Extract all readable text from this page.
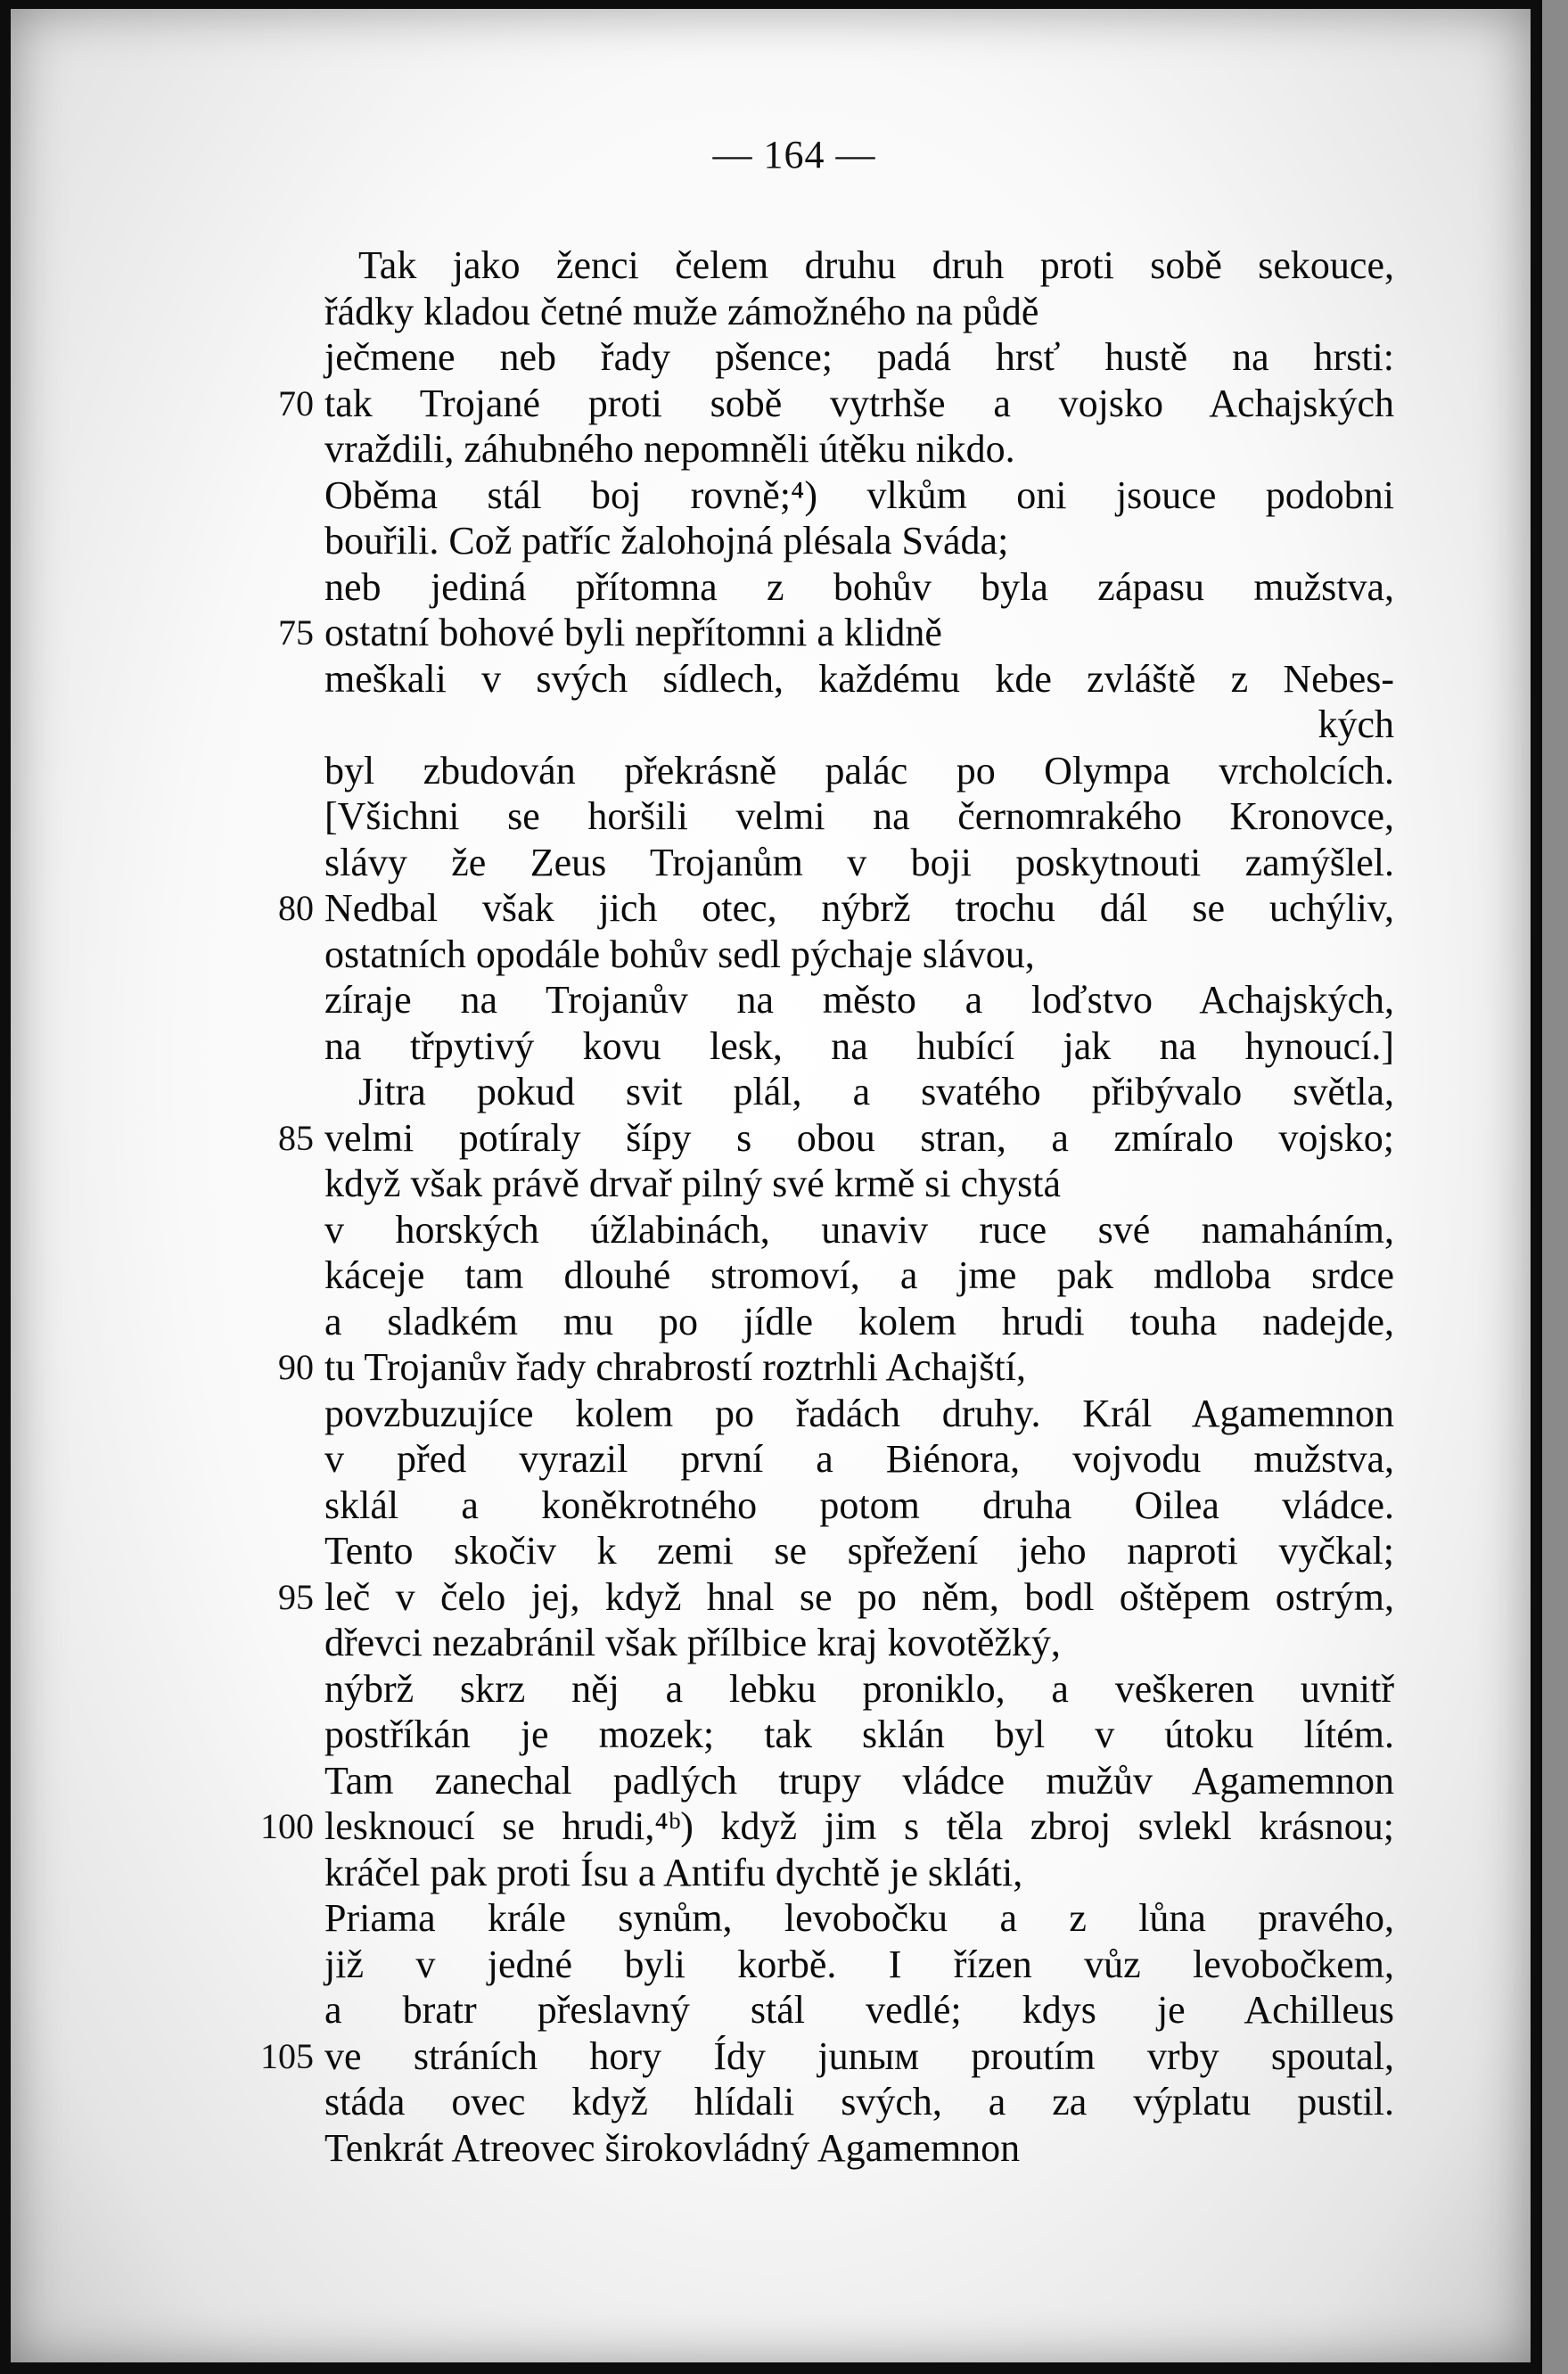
— 164 —
Tak jako ženci čelem druhu druh proti sobě sekouce,
řádky kladou četné muže zámožného na půdě
ječmene neb řady pšence; padá hrsť hustě na hrsti:
70 tak Trojané proti sobě vytrhše a vojsko Achajských
vraždili, záhubného nepomněli útěku nikdo.
Oběma stál boj rovně;⁴) vlkům oni jsouce podobni
bouřili. Což patříc žalohojná plésala Sváda;
neb jediná přítomna z bohův byla zápasu mužstva,
75 ostatní bohové byli nepřítomni a klidně
meškali v svých sídlech, každému kde zvláště z Nebes-
kých
byl zbudován překrásně palác po Olympa vrcholcích.
[Všichni se horšili velmi na černomrakého Kronovce,
slávy že Zeus Trojanům v boji poskytnouti zamýšlel.
80 Nedbal však jich otec, nýbrž trochu dál se uchýliv,
ostatních opodále bohův sedl pýchaje slávou,
zíraje na Trojanův na město a loďstvo Achajských,
na třpytivý kovu lesk, na hubící jak na hynoucí.]
Jitra pokud svit plál, a svatého přibývalo světla,
85 velmi potíraly šípy s obou stran, a zmíralo vojsko;
když však právě drvař pilný své krmě si chystá
v horských úžlabinách, unaviv ruce své namaháním,
káceje tam dlouhé stromoví, a jme pak mdloba srdce
a sladkém mu po jídle kolem hrudi touha nadejde,
90 tu Trojanův řady chrabrostí roztrhli Achajští,
povzbuzujíce kolem po řadách druhy. Král Agamemnon
v před vyrazil první a Biénora, vojvodu mužstva,
sklál a koněkrotného potom druha Oilea vládce.
Tento skočiv k zemi se spřežení jeho naproti vyčkal;
95 leč v čelo jej, když hnal se po něm, bodl oštěpem ostrým,
dřevci nezabránil však přílbice kraj kovotěžký,
nýbrž skrz něj a lebku proniklo, a veškeren uvnitř
postříkán je mozek; tak sklán byl v útoku lítém.
Tam zanechal padlých trupy vládce mužův Agamemnon
100 lesknoucí se hrudi,⁴ᵇ) když jim s těla zbroj svlekl krásnou;
kráčel pak proti Ísu a Antifu dychtě je skláti,
Priama krále synům, levobočku a z lůna pravého,
již v jedné byli korbě. I řízen vůz levobočkem,
a bratr přeslavný stál vedlé; kdys je Achilleus
105 ve stráních hory Ídy junым proutím vrby spoutal,
stáda ovec když hlídali svých, a za výplatu pustil.
Tenkrát Atreovec širokovládný Agamemnon
